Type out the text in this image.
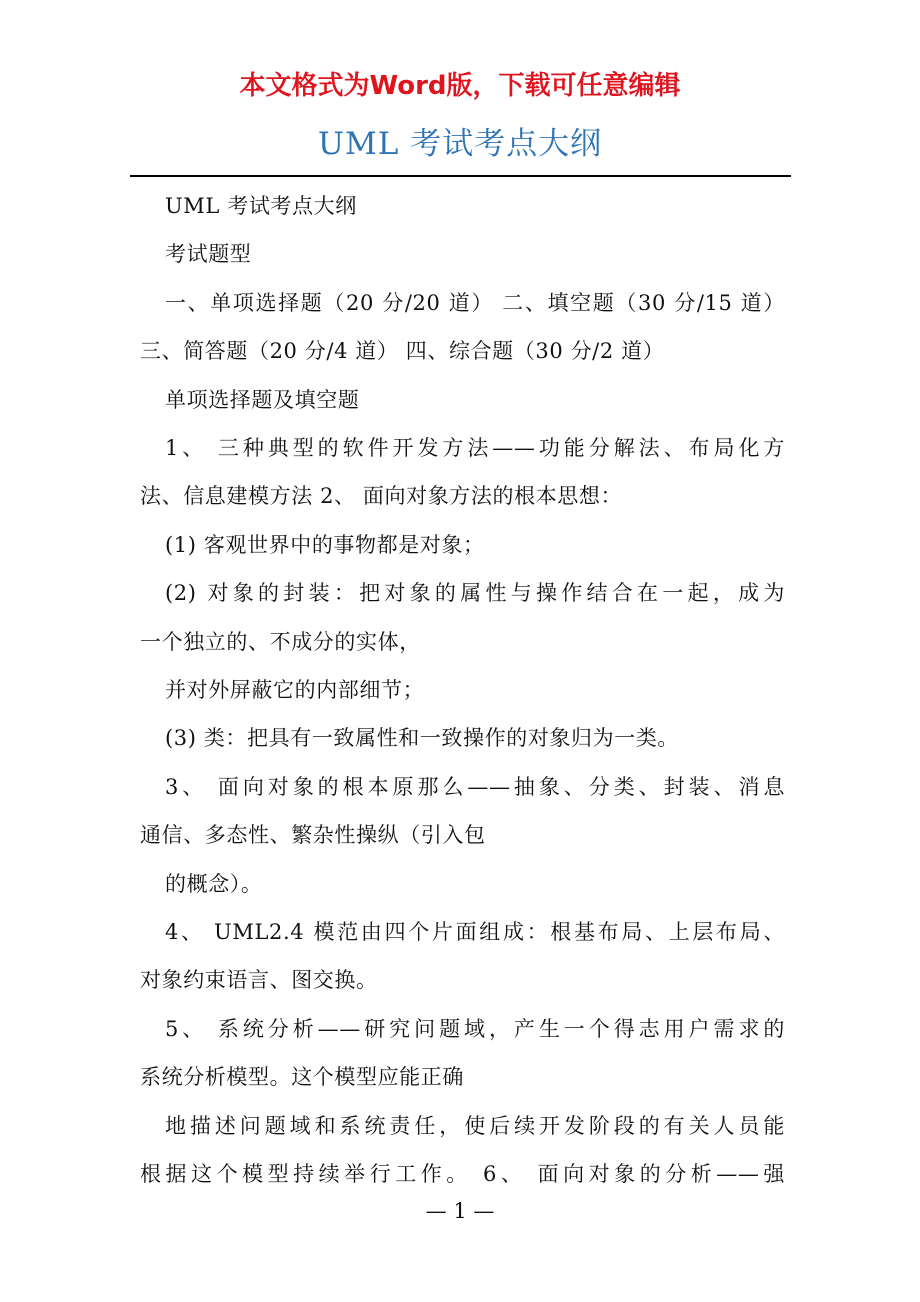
本文格式为Word版，下载可任意编辑
UML 考试考点大纲

UML 考试考点大纲

考试题型

一、单项选择题（20 分/20 道） 二、填空题（30 分/15 道）

三、简答题（20 分/4 道） 四、综合题（30 分/2 道）

单项选择题及填空题

1、 三种典型的软件开发方法——功能分解法、布局化方

法、信息建模方法 2、 面向对象方法的根本思想：

(1) 客观世界中的事物都是对象；

(2) 对象的封装：把对象的属性与操作结合在一起，成为

一个独立的、不成分的实体，

并对外屏蔽它的内部细节；

(3) 类：把具有一致属性和一致操作的对象归为一类。

3、 面向对象的根本原那么——抽象、分类、封装、消息

通信、多态性、繁杂性操纵（引入包

的概念）。

4、 UML2.4 模范由四个片面组成：根基布局、上层布局、

对象约束语言、图交换。

5、 系统分析——研究问题域，产生一个得志用户需求的

系统分析模型。这个模型应能正确

地描述问题域和系统责任，使后续开发阶段的有关人员能

根据这个模型持续举行工作。 6、 面向对象的分析——强

— 1 —
